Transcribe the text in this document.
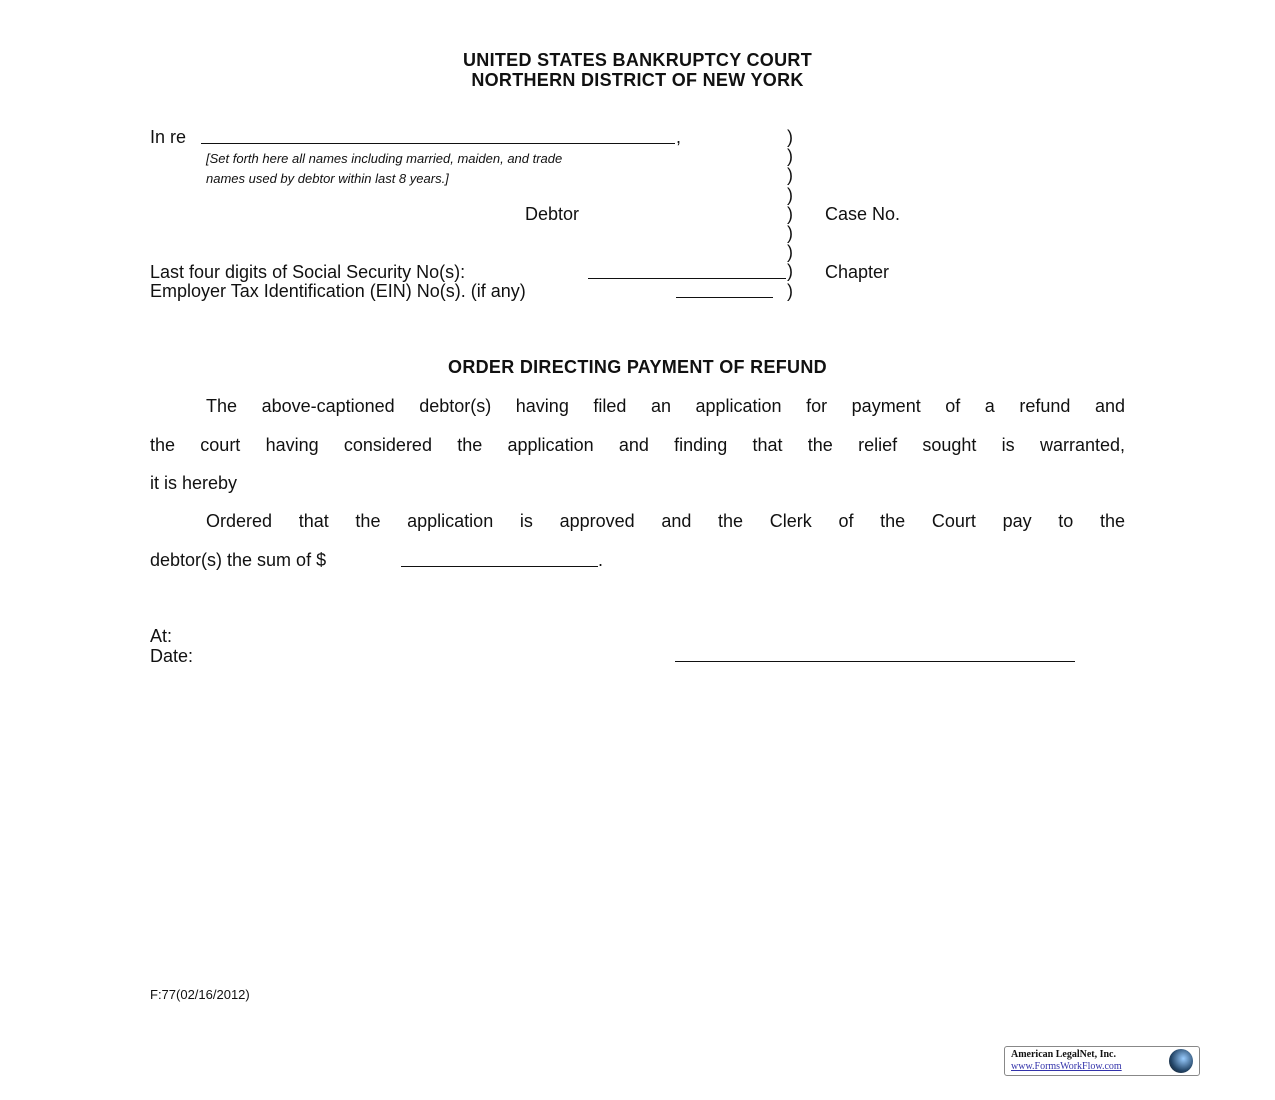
UNITED STATES BANKRUPTCY COURT
NORTHERN DISTRICT OF NEW YORK
In re	,
[Set forth here all names including married, maiden, and trade
names used by debtor within last 8 years.]
Debtor	Case No.
Last four digits of Social Security No(s):	Chapter
Employer Tax Identification (EIN) No(s). (if any)
)
)
)
)
)
)
)
)
)
ORDER DIRECTING PAYMENT OF REFUND
The above-captioned debtor(s) having filed an application for payment of a refund and
the court having considered the application and finding that the relief sought is warranted,
it is hereby
Ordered that the application is approved and the Clerk of the Court pay to the
debtor(s) the sum of $	.
At:
Date:
F:77(02/16/2012)
American LegalNet, Inc.
www.FormsWorkFlow.com
